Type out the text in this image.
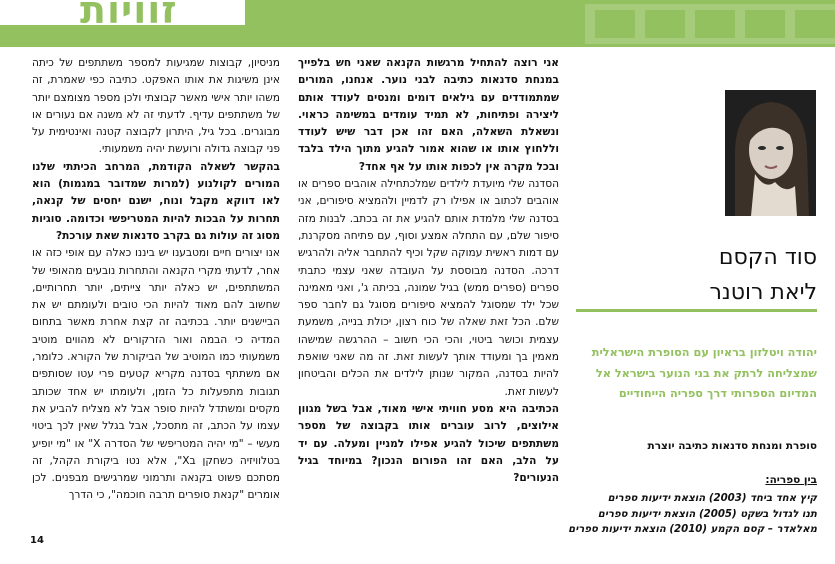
זוויות

אני רוצה להתחיל מרגשות הקנאה שאני חש בלפייך במנחת סדנאות כתיבה לבני נוער. אנחנו, המורים שמתמודדים עם גילאים דומים ומנסים לעודד אותם ליצירה ופתיחות, לא תמיד עומדים במשימה כראוי. ונשאלת השאלה, האם זהו אכן דבר שיש לעודד וללחוץ אותו או שהוא אמור להגיע מתוך הילד בלבד ובכל מקרה אין לכפות אותו על אף אחד?

הסדנה שלי מיועדת לילדים שמלכתחילה אוהבים ספרים או אוהבים לכתוב או אפילו רק לדמיין ולהמציא סיפורים, אני בסדנה שלי מלמדת אותם להגיע את זה בכתב. לבנות מזה סיפור שלם, עם התחלה אמצע וסוף, עם פתיחה מסקרנת, עם דמות ראשית עמוקה שקל וכיף להתחבר אליה ולהרגיש דרכה. הסדנה מבוססת על העובדה שאני עצמי כתבתי ספרים (ספרים ממש) בגיל שמונה, בכיתה ג', ואני מאמינה שכל ילד שמסוגל להמציא סיפורים מסוגל גם לחבר ספר שלם. הכל זאת שאלה של כוח רצון, יכולת בנייה, משמעת עצמית וכושר ביטוי, והכי הכי חשוב – ההרגשה שמישהו מאמין בך ומעודד אותך לעשות זאת. זה מה שאני שואפת להיות בסדנה, המקור שנותן לילדים את הכלים והביטחון לעשות זאת.

הכתיבה היא מסע חוויתי אישי מאוד, אבל בשל מגוון אילוצים, לרוב עוברים אותו בקבוצה של מספר משתתפים שיכול להגיע אפילו למניין ומעלה. עם יד על הלב, האם זהו הפורום הנכון? במיוחד בגיל הנעורים?

מניסיון, קבוצות שמגיעות למספר משתתפים של כיתה אינן משיגות את אותו האפקט. כתיבה כפי שאמרת, זה משהו יותר אישי מאשר קבוצתי ולכן מספר מצומצם יותר של משתתפים עדיף. לדעתי זה לא משנה אם נעורים או מבוגרים. בכל גיל, היתרון לקבוצה קטנה ואינטימית על פני קבוצה גדולה ורועשת יהיה משמעותי.

בהקשר לשאלה הקודמת, המרחב הכיתתי שלנו המורים לקולנוע (למרות שמדובר במגמות) הוא לאו דווקא מקבל ונוח, ישנם יחסים של קנאה, תחרות על הבכות להיות המטריפשי וכדומה. סוגיות מסוג זה עולות גם בקרב סדנאות שאת עורכת?

אנו יצורים חיים ומטבענו יש ביננו כאלה עם אופי כזה או אחר, לדעתי מקרי הקנאה והתחרות נובעים מהאופי של המשתתפים, יש כאלה יותר צייתים, יותר תחרותיים, שחשוב להם מאוד להיות הכי טובים ולעומתם יש את הביישנים יותר. בכתיבה זה קצת אחרת מאשר בתחום המדיה כי הבמה ואור הזרקורים לא מהווים מוטיב משמעותי כמו המוטיב של הביקורת של הקורא. כלומר, אם משתתף בסדנה מקריא קטעים פרי עטו שסותפים תגובות מתפעלות כל הזמן, ולעומתו יש אחד שכותב מקסים ומשתדל להיות סופר אבל לא מצליח להביע את עצמו על הכתב, זה מתסכל, אבל בגלל שאין לכך ביטוי מעשי – "מי יהיה המטריפשי של הסדרה X" או "מי יופיע בטלוויזיה כשחקן בX", אלא נטו ביקורת הקהל, זה מסתכם פשוט בקנאה ותרמוני שמרגישים מבפנים. לכן אומרים "קנאת סופרים תרבה חוכמה", כי הדרך

סוד הקסם
ליאת רוטנר
יהודה ויטלזון בראיון עם הסופרת הישראלית שמצליחה לרתק את בני הנוער בישראל אל המדיום הספרותי דרך ספריה הייחודיים
סופרת ומנחת סדנאות כתיבה יוצרת
בין ספריה:
קיץ אחד ביחד (2003) הוצאת ידיעות ספרים
תנו לגדול בשקט (2005) הוצאת ידיעות ספרים
מאלאדר – קסם הקמע (2010) הוצאת ידיעות ספרים
14
